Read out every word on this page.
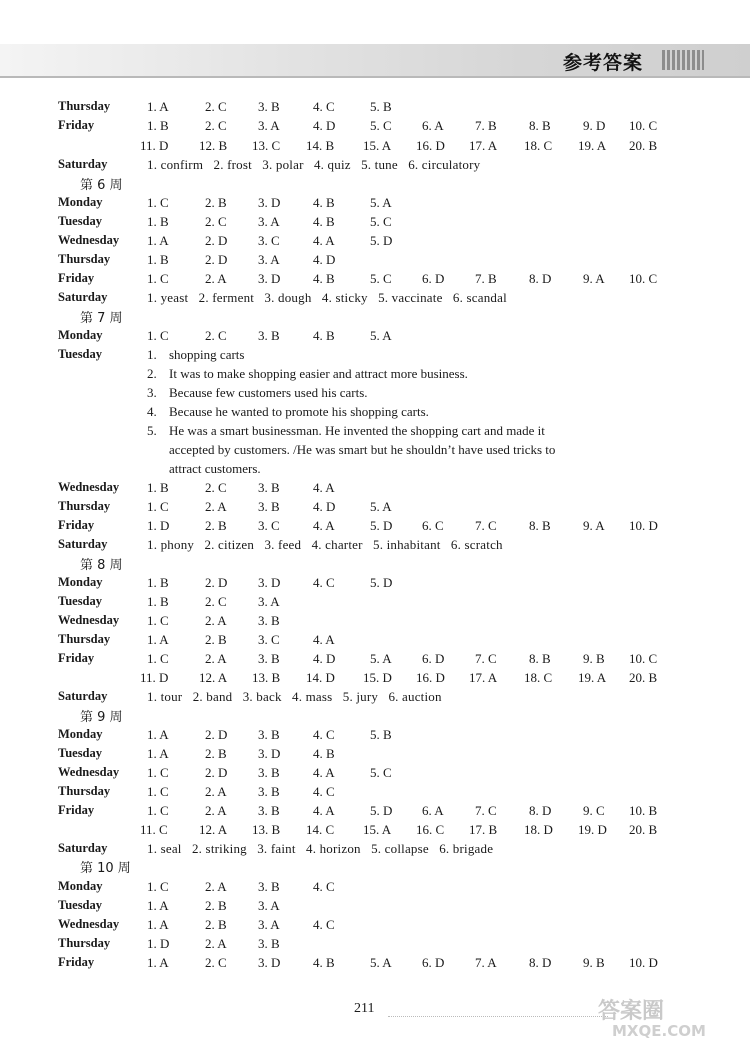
参考答案
第 6 周
第 7 周
第 8 周
第 9 周
第 10 周
Thursday	1. A	2. C 3. B	4. C	5. B
Friday	1. B	2. C 3. A	4. D	5. C 6. A 7. B 8. B 9. D 10. C
11. D 12. B 13. C 14. B 15. A 16. D 17. A 18. C 19. A 20. B
Saturday	1. confirm   2. frost   3. polar   4. quiz   5. tune   6. circulatory
Monday	1. C	2. B 3. D	4. B	5. A
Tuesday	1. B	2. C 3. A	4. B	5. C
Wednesday 1. A	2. D 3. C	4. A	5. D
Thursday	1. B	2. D 3. A	4. D
Friday	1. C	2. A 3. D	4. B	5. C 6. D 7. B 8. D 9. A 10. C
Saturday	1. yeast   2. ferment   3. dough   4. sticky   5. vaccinate   6. scandal
Monday	1. C	2. C 3. B	4. B	5. A
Tuesday	1. shopping carts
2. It was to make shopping easier and attract more business.
3. Because few customers used his carts.
4. Because he wanted to promote his shopping carts.
5. He was a smart businessman. He invented the shopping cart and made it
accepted by customers. /He was smart but he shouldn’t have used tricks to
attract customers.
Wednesday 1. B	2. C 3. B	4. A
Thursday	1. C	2. A 3. B	4. D	5. A
Friday	1. D	2. B 3. C	4. A	5. D 6. C 7. C 8. B 9. A 10. D
Saturday	1. phony   2. citizen   3. feed   4. charter   5. inhabitant   6. scratch
Monday	1. B	2. D 3. D	4. C	5. D
Tuesday	1. B	2. C 3. A
Wednesday 1. C	2. A 3. B
Thursday	1. A	2. B 3. C	4. A
Friday	1. C	2. A 3. B	4. D	5. A 6. D 7. C 8. B 9. B 10. C
11. D 12. A 13. B 14. D 15. D 16. D 17. A 18. C 19. A 20. B
Saturday	1. tour   2. band   3. back   4. mass   5. jury   6. auction
Monday	1. A	2. D 3. B	4. C	5. B
Tuesday	1. A	2. B 3. D	4. B
Wednesday 1. C	2. D 3. B	4. A	5. C
Thursday	1. C	2. A 3. B	4. C
Friday	1. C	2. A 3. B	4. A	5. D 6. A 7. C 8. D 9. C 10. B
11. C 12. A 13. B 14. C 15. A 16. C 17. B 18. D 19. D 20. B
Saturday	1. seal   2. striking   3. faint   4. horizon   5. collapse   6. brigade
Monday	1. C	2. A 3. B	4. C
Tuesday	1. A	2. B 3. A
Wednesday 1. A	2. B 3. A	4. C
Thursday	1. D	2. A 3. B
Friday	1. A	2. C 3. D	4. B	5. A 6. D 7. A 8. D 9. B 10. D
211	答案圈
MXQE.COM
